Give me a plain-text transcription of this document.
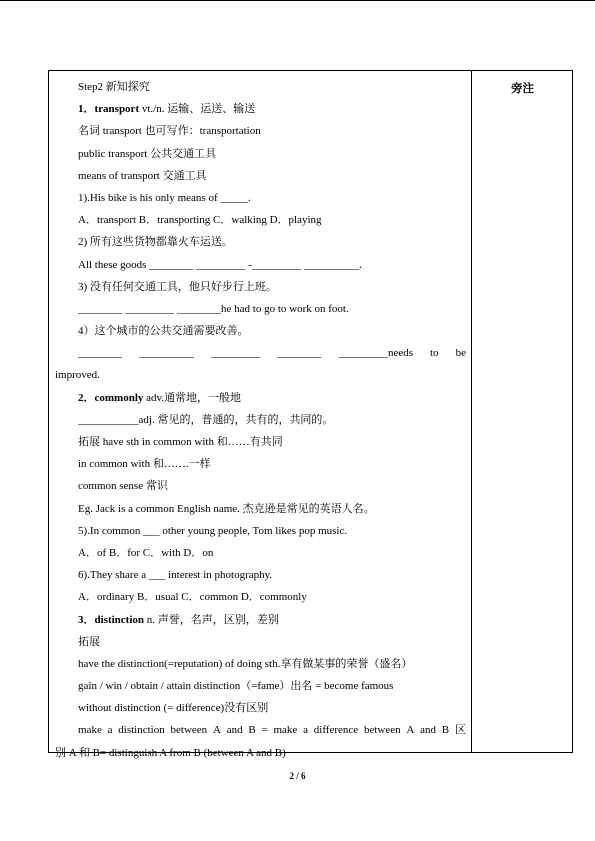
旁注
Step2 新知探究
1．transport vt./n. 运输、运送、输送
名词 transport 也可写作：transportation
public transport 公共交通工具
means of transport 交通工具
1).His bike is his only means of _____.
A．transport B．transporting C．walking D．playing
2) 所有这些货物都靠火车运送。
All these goods ________ _________ -_________ __________.
3) 没有任何交通工具，他只好步行上班。
________ _________ ________he had to go to work on foot.
4）这个城市的公共交通需要改善。
________ __________ _________ ________ _________needs to be
improved.
2．commonly adv.通常地，一般地
___________adj. 常见的，普通的，共有的，共同的。
拓展 have sth in common with 和……有共同
in common with 和…….一样
common sense 常识
Eg. Jack is a common English name. 杰克逊是常见的英语人名。
5).In common ___ other young people, Tom likes pop music.
A．of B．for C．with D．on
6).They share a ___ interest in photography.
A．ordinary B．usual C．common D．commonly
3．distinction n. 声誉，名声，区别，差别
拓展
have the distinction(=reputation) of doing sth.享有做某事的荣誉（盛名）
gain / win / obtain / attain distinction（=fame）出名 = become famous
without distinction (= difference)没有区别
make a distinction between A and B = make a difference between A and B 区
别 A 和 B= distinguish A from B (between A and B)
2 / 6
